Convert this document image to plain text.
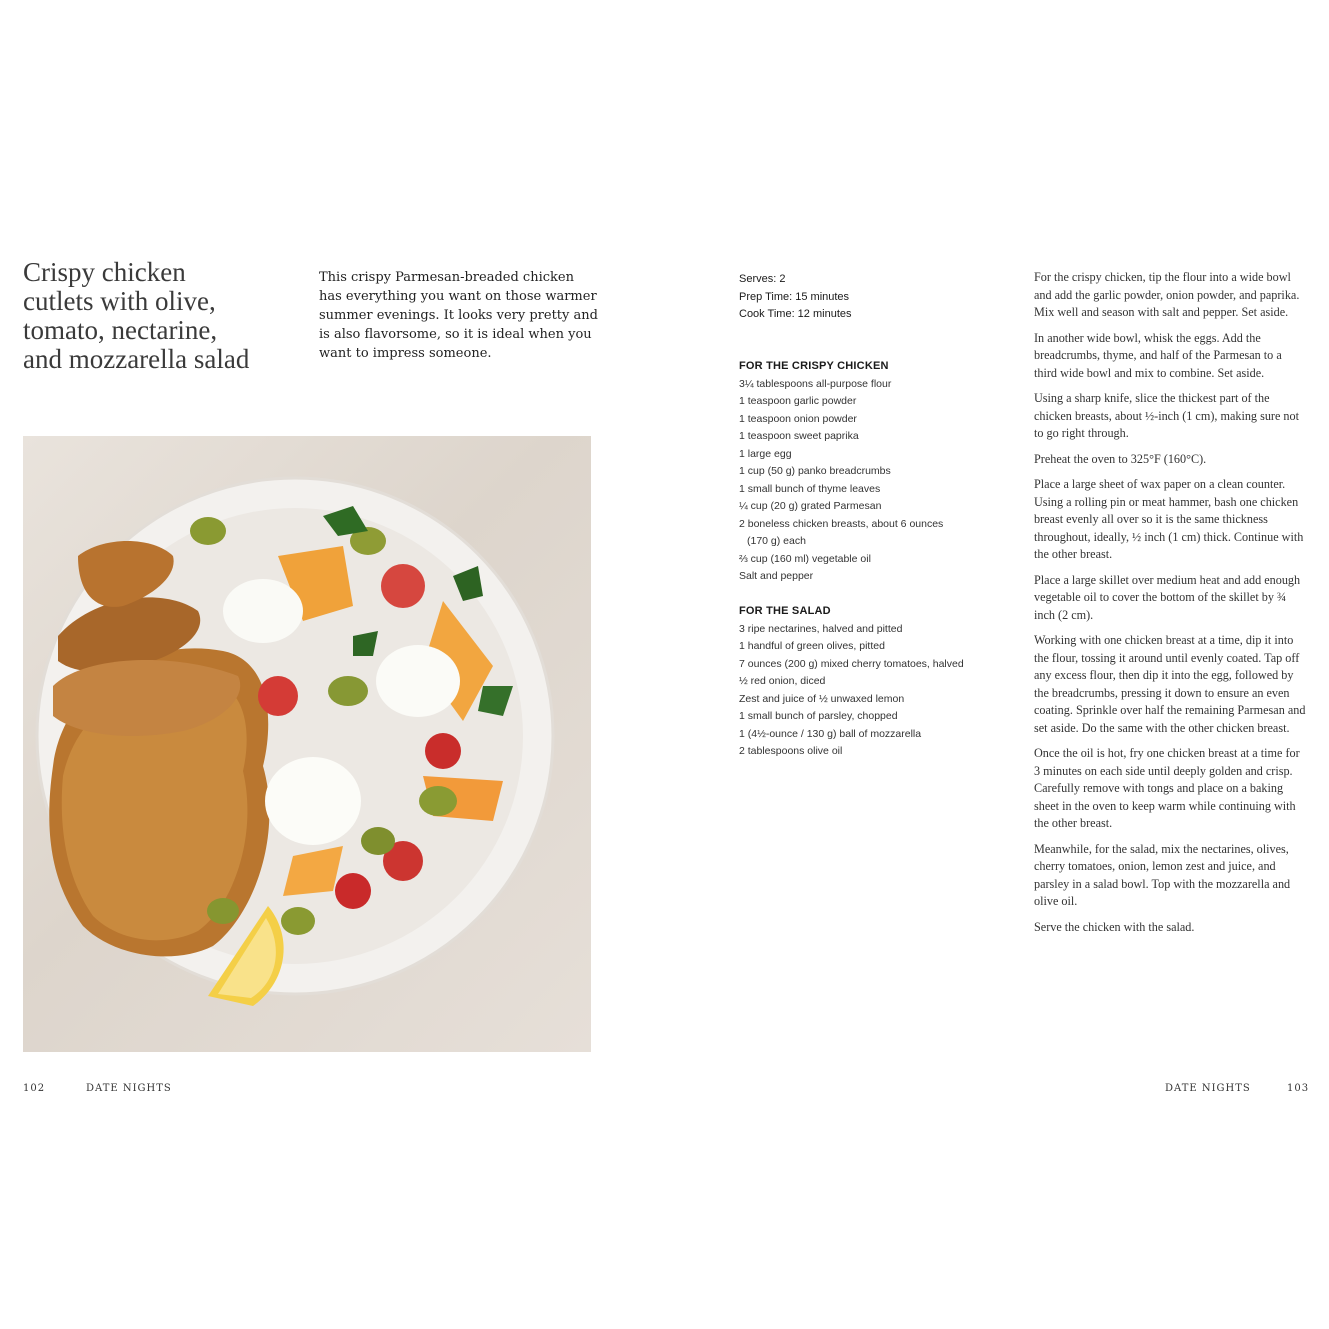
Crispy chicken
cutlets with olive,
tomato, nectarine,
and mozzarella salad
This crispy Parmesan-breaded chicken
has everything you want on those warmer
summer evenings. It looks very pretty and
is also flavorsome, so it is ideal when you
want to impress someone.
102	DATE NIGHTS
Serves: 2
Prep Time: 15 minutes
Cook Time: 12 minutes
FOR THE CRISPY CHICKEN
3¼ tablespoons all-purpose flour
1 teaspoon garlic powder
1 teaspoon onion powder
1 teaspoon sweet paprika
1 large egg
1 cup (50 g) panko breadcrumbs
1 small bunch of thyme leaves
¼ cup (20 g) grated Parmesan
2 boneless chicken breasts, about 6 ounces
(170 g) each
⅔ cup (160 ml) vegetable oil
Salt and pepper
FOR THE SALAD
3 ripe nectarines, halved and pitted
1 handful of green olives, pitted
7 ounces (200 g) mixed cherry tomatoes, halved
½ red onion, diced
Zest and juice of ½ unwaxed lemon
1 small bunch of parsley, chopped
1 (4½-ounce / 130 g) ball of mozzarella
2 tablespoons olive oil

For the crispy chicken, tip the flour into a wide bowl and add the garlic powder, onion powder, and paprika. Mix well and season with salt and pepper. Set aside.

In another wide bowl, whisk the eggs. Add the breadcrumbs, thyme, and half of the Parmesan to a third wide bowl and mix to combine. Set aside.

Using a sharp knife, slice the thickest part of the chicken breasts, about ½-inch (1 cm), making sure not to go right through.

Preheat the oven to 325°F (160°C).

Place a large sheet of wax paper on a clean counter. Using a rolling pin or meat hammer, bash one chicken breast evenly all over so it is the same thickness throughout, ideally, ½ inch (1 cm) thick. Continue with the other breast.

Place a large skillet over medium heat and add enough vegetable oil to cover the bottom of the skillet by ¾ inch (2 cm).

Working with one chicken breast at a time, dip it into the flour, tossing it around until evenly coated. Tap off any excess flour, then dip it into the egg, followed by the breadcrumbs, pressing it down to ensure an even coating. Sprinkle over half the remaining Parmesan and set aside. Do the same with the other chicken breast.

Once the oil is hot, fry one chicken breast at a time for 3 minutes on each side until deeply golden and crisp. Carefully remove with tongs and place on a baking sheet in the oven to keep warm while continuing with the other breast.

Meanwhile, for the salad, mix the nectarines, olives, cherry tomatoes, onion, lemon zest and juice, and parsley in a salad bowl. Top with the mozzarella and olive oil.

Serve the chicken with the salad.

DATE NIGHTS	103
